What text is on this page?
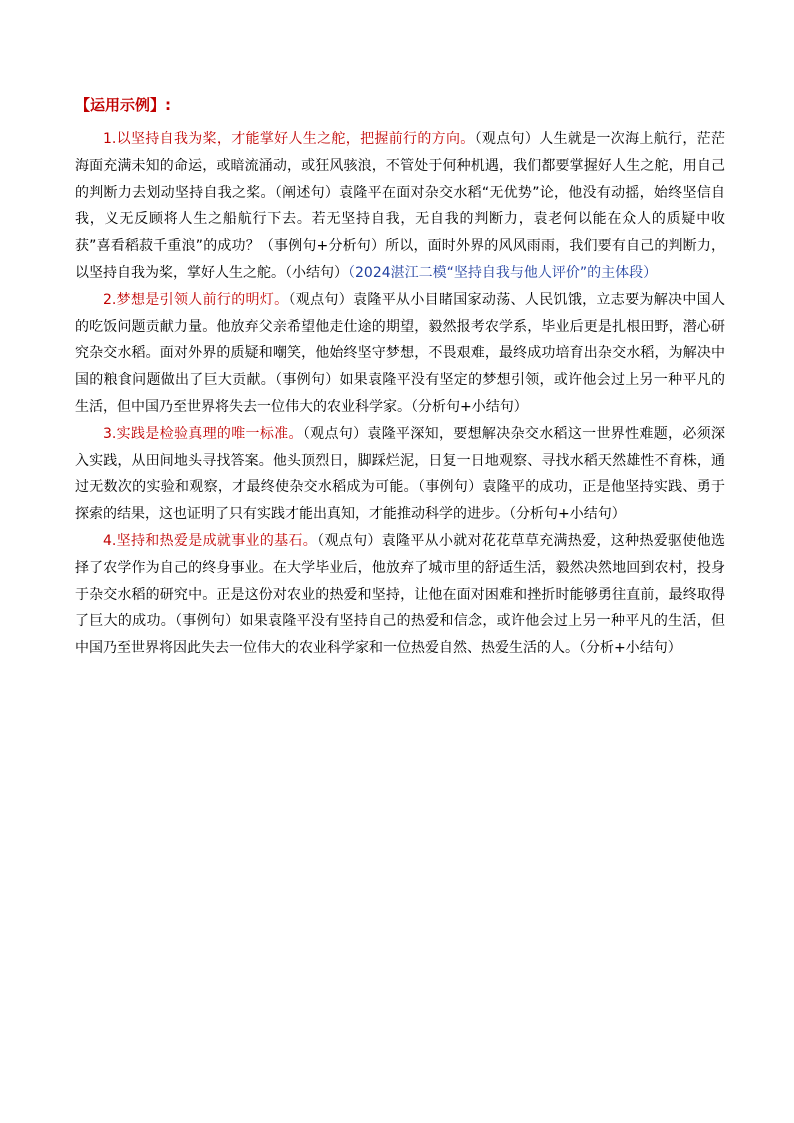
【运用示例】:

1.以坚持自我为桨，才能掌好人生之舵，把握前行的方向。（观点句）人生就是一次海上航行，茫茫海面充满未知的命运，或暗流涌动，或狂风骇浪，不管处于何种机遇，我们都要掌握好人生之舵，用自己的判断力去划动坚持自我之桨。（阐述句）袁隆平在面对杂交水稻“无优势”论，他没有动摇，始终坚信自我，义无反顾将人生之船航行下去。若无坚持自我，无自我的判断力，袁老何以能在众人的质疑中收获”喜看稻菽千重浪”的成功？（事例句+分析句）所以，面时外界的风风雨雨，我们要有自己的判断力，以坚持自我为桨，掌好人生之舵。（小结句）（2024湛江二模“坚持自我与他人评价”的主体段）

2.梦想是引领人前行的明灯。（观点句）袁隆平从小目睹国家动荡、人民饥饿，立志要为解决中国人的吃饭问题贡献力量。他放弃父亲希望他走仕途的期望，毅然报考农学系，毕业后更是扎根田野，潜心研究杂交水稻。面对外界的质疑和嘲笑，他始终坚守梦想，不畏艰难，最终成功培育出杂交水稻，为解决中国的粮食问题做出了巨大贡献。（事例句）如果袁隆平没有坚定的梦想引领，或许他会过上另一种平凡的生活，但中国乃至世界将失去一位伟大的农业科学家。（分析句+小结句）

3.实践是检验真理的唯一标准。（观点句）袁隆平深知，要想解决杂交水稻这一世界性难题，必须深入实践，从田间地头寻找答案。他头顶烈日，脚踩烂泥，日复一日地观察、寻找水稻天然雄性不育株，通过无数次的实验和观察，才最终使杂交水稻成为可能。（事例句）袁隆平的成功，正是他坚持实践、勇于探索的结果，这也证明了只有实践才能出真知，才能推动科学的进步。（分析句+小结句）

4.坚持和热爱是成就事业的基石。（观点句）袁隆平从小就对花花草草充满热爱，这种热爱驱使他选择了农学作为自己的终身事业。在大学毕业后，他放弃了城市里的舒适生活，毅然决然地回到农村，投身于杂交水稻的研究中。正是这份对农业的热爱和坚持，让他在面对困难和挫折时能够勇往直前，最终取得了巨大的成功。（事例句）如果袁隆平没有坚持自己的热爱和信念，或许他会过上另一种平凡的生活，但中国乃至世界将因此失去一位伟大的农业科学家和一位热爱自然、热爱生活的人。（分析+小结句）
